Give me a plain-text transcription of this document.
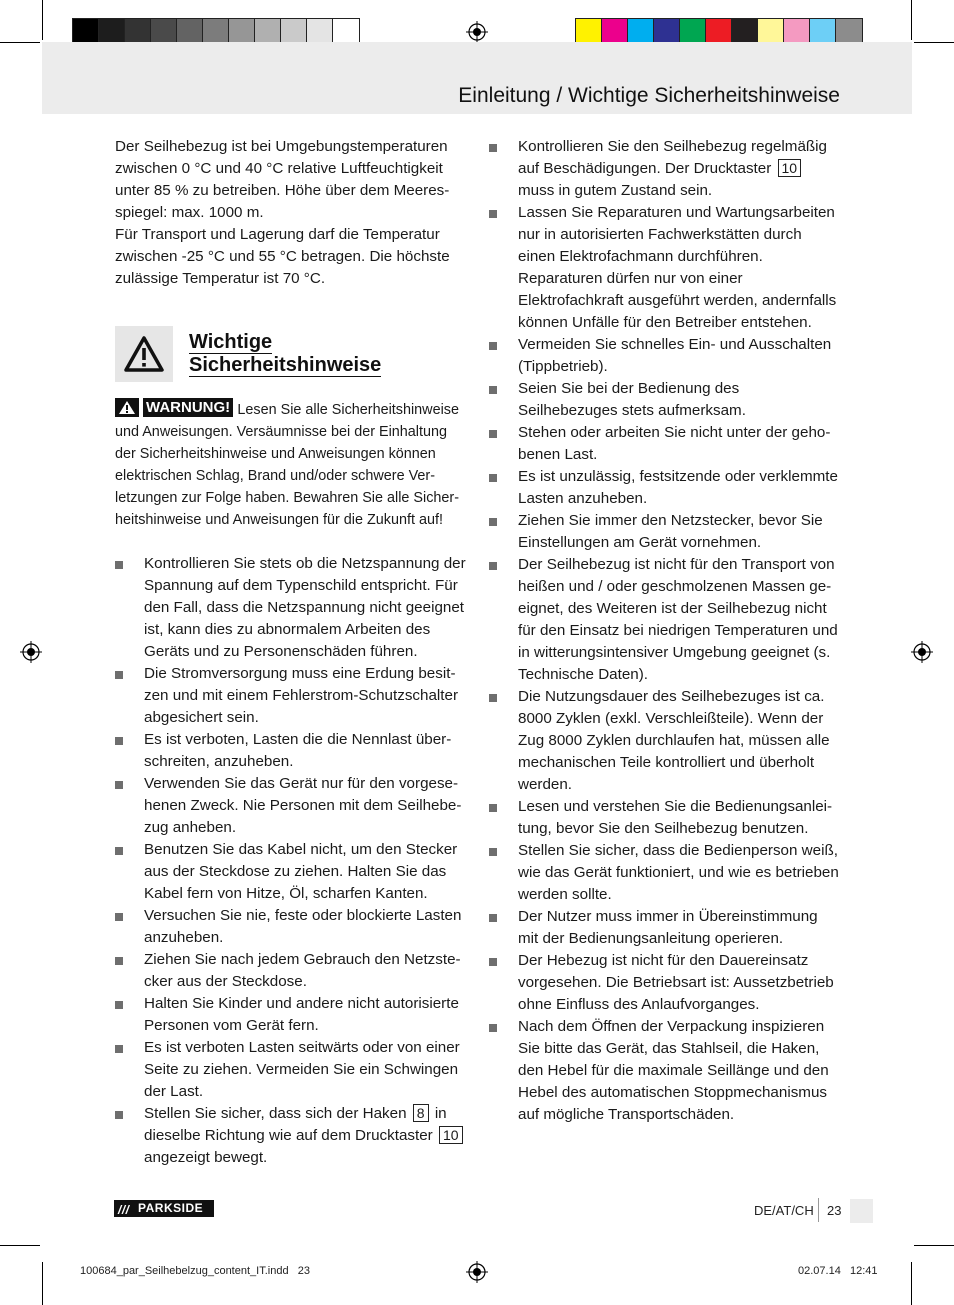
Einleitung / Wichtige Sicherheitshinweise

Der Seilhebezug ist bei Umgebungstemperaturen zwischen 0 °C und 40 °C relative Luftfeuchtigkeit unter 85 % zu betreiben. Höhe über dem Meeresspiegel: max. 1000 m.

Für Transport und Lagerung darf die Temperatur zwischen -25 °C und 55 °C betragen. Die höchste zulässige Temperatur ist 70 °C.

Wichtige
Sicherheitshinweise
WARNUNG! Lesen Sie alle Sicherheitshinweise und Anweisungen. Versäumnisse bei der Einhaltung der Sicherheitshinweise und Anweisungen können elektrischen Schlag, Brand und/oder schwere Verletzungen zur Folge haben. Bewahren Sie alle Sicherheitshinweise und Anweisungen für die Zukunft auf!
Kontrollieren Sie stets ob die Netzspannung der Spannung auf dem Typenschild entspricht. Für den Fall, dass die Netzspannung nicht geeignet ist, kann dies zu abnormalem Arbeiten des Geräts und zu Personenschäden führen.
Die Stromversorgung muss eine Erdung besitzen und mit einem Fehlerstrom-Schutzschalter abgesichert sein.
Es ist verboten, Lasten die die Nennlast überschreiten, anzuheben.
Verwenden Sie das Gerät nur für den vorgesehenen Zweck. Nie Personen mit dem Seilhebezug anheben.
Benutzen Sie das Kabel nicht, um den Stecker aus der Steckdose zu ziehen. Halten Sie das Kabel fern von Hitze, Öl, scharfen Kanten.
Versuchen Sie nie, feste oder blockierte Lasten anzuheben.
Ziehen Sie nach jedem Gebrauch den Netzstecker aus der Steckdose.
Halten Sie Kinder und andere nicht autorisierte Personen vom Gerät fern.
Es ist verboten Lasten seitwärts oder von einer Seite zu ziehen. Vermeiden Sie ein Schwingen der Last.
Stellen Sie sicher, dass sich der Haken 8 in dieselbe Richtung wie auf dem Drucktaster 10 angezeigt bewegt.
Kontrollieren Sie den Seilhebezug regelmäßig auf Beschädigungen. Der Drucktaster 10 muss in gutem Zustand sein.
Lassen Sie Reparaturen und Wartungsarbeiten nur in autorisierten Fachwerkstätten durch einen Elektrofachmann durchführen. Reparaturen dürfen nur von einer Elektrofachkraft ausgeführt werden, andernfalls können Unfälle für den Betreiber entstehen.
Vermeiden Sie schnelles Ein- und Ausschalten (Tippbetrieb).
Seien Sie bei der Bedienung des Seilhebezuges stets aufmerksam.
Stehen oder arbeiten Sie nicht unter der gehobenen Last.
Es ist unzulässig, festsitzende oder verklemmte Lasten anzuheben.
Ziehen Sie immer den Netzstecker, bevor Sie Einstellungen am Gerät vornehmen.
Der Seilhebezug ist nicht für den Transport von heißen und / oder geschmolzenen Massen geeignet, des Weiteren ist der Seilhebezug nicht für den Einsatz bei niedrigen Temperaturen und in witterungsintensiver Umgebung geeignet (s. Technische Daten).
Die Nutzungsdauer des Seilhebezuges ist ca. 8000 Zyklen (exkl. Verschleißteile). Wenn der Zug 8000 Zyklen durchlaufen hat, müssen alle mechanischen Teile kontrolliert und überholt werden.
Lesen und verstehen Sie die Bedienungsanleitung, bevor Sie den Seilhebezug benutzen.
Stellen Sie sicher, dass die Bedienperson weiß, wie das Gerät funktioniert, und wie es betrieben werden sollte.
Der Nutzer muss immer in Übereinstimmung mit der Bedienungsanleitung operieren.
Der Hebezug ist nicht für den Dauereinsatz vorgesehen. Die Betriebsart ist: Aussetzbetrieb ohne Einfluss des Anlaufvorganges.
Nach dem Öffnen der Verpackung inspizieren Sie bitte das Gerät, das Stahlseil, die Haken, den Hebel für die maximale Seillänge und den Hebel des automatischen Stoppmechanismus auf mögliche Transportschäden.
/// PARKSIDE	DE/AT/CH 23
100684_par_Seilhebelzug_content_IT.indd   23	02.07.14   12:41
